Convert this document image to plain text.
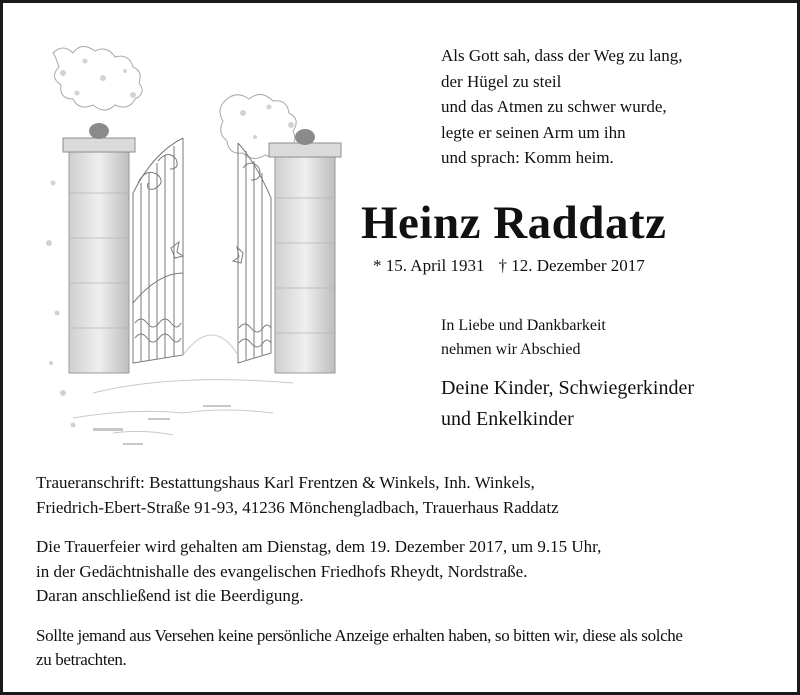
Als Gott sah, dass der Weg zu lang,
der Hügel zu steil
und das Atmen zu schwer wurde,
legte er seinen Arm um ihn
und sprach: Komm heim.
Heinz Raddatz
* 15. April 1931 † 12. Dezember 2017
In Liebe und Dankbarkeit
nehmen wir Abschied
Deine Kinder, Schwiegerkinder
und Enkelkinder
Traueranschrift: Bestattungshaus Karl Frentzen & Winkels, Inh. Winkels,
Friedrich-Ebert-Straße 91-93, 41236 Mönchengladbach, Trauerhaus Raddatz
Die Trauerfeier wird gehalten am Dienstag, dem 19. Dezember 2017, um 9.15 Uhr,
in der Gedächtnishalle des evangelischen Friedhofs Rheydt, Nordstraße.
Daran anschließend ist die Beerdigung.
Sollte jemand aus Versehen keine persönliche Anzeige erhalten haben, so bitten wir, diese als solche
zu betrachten.
